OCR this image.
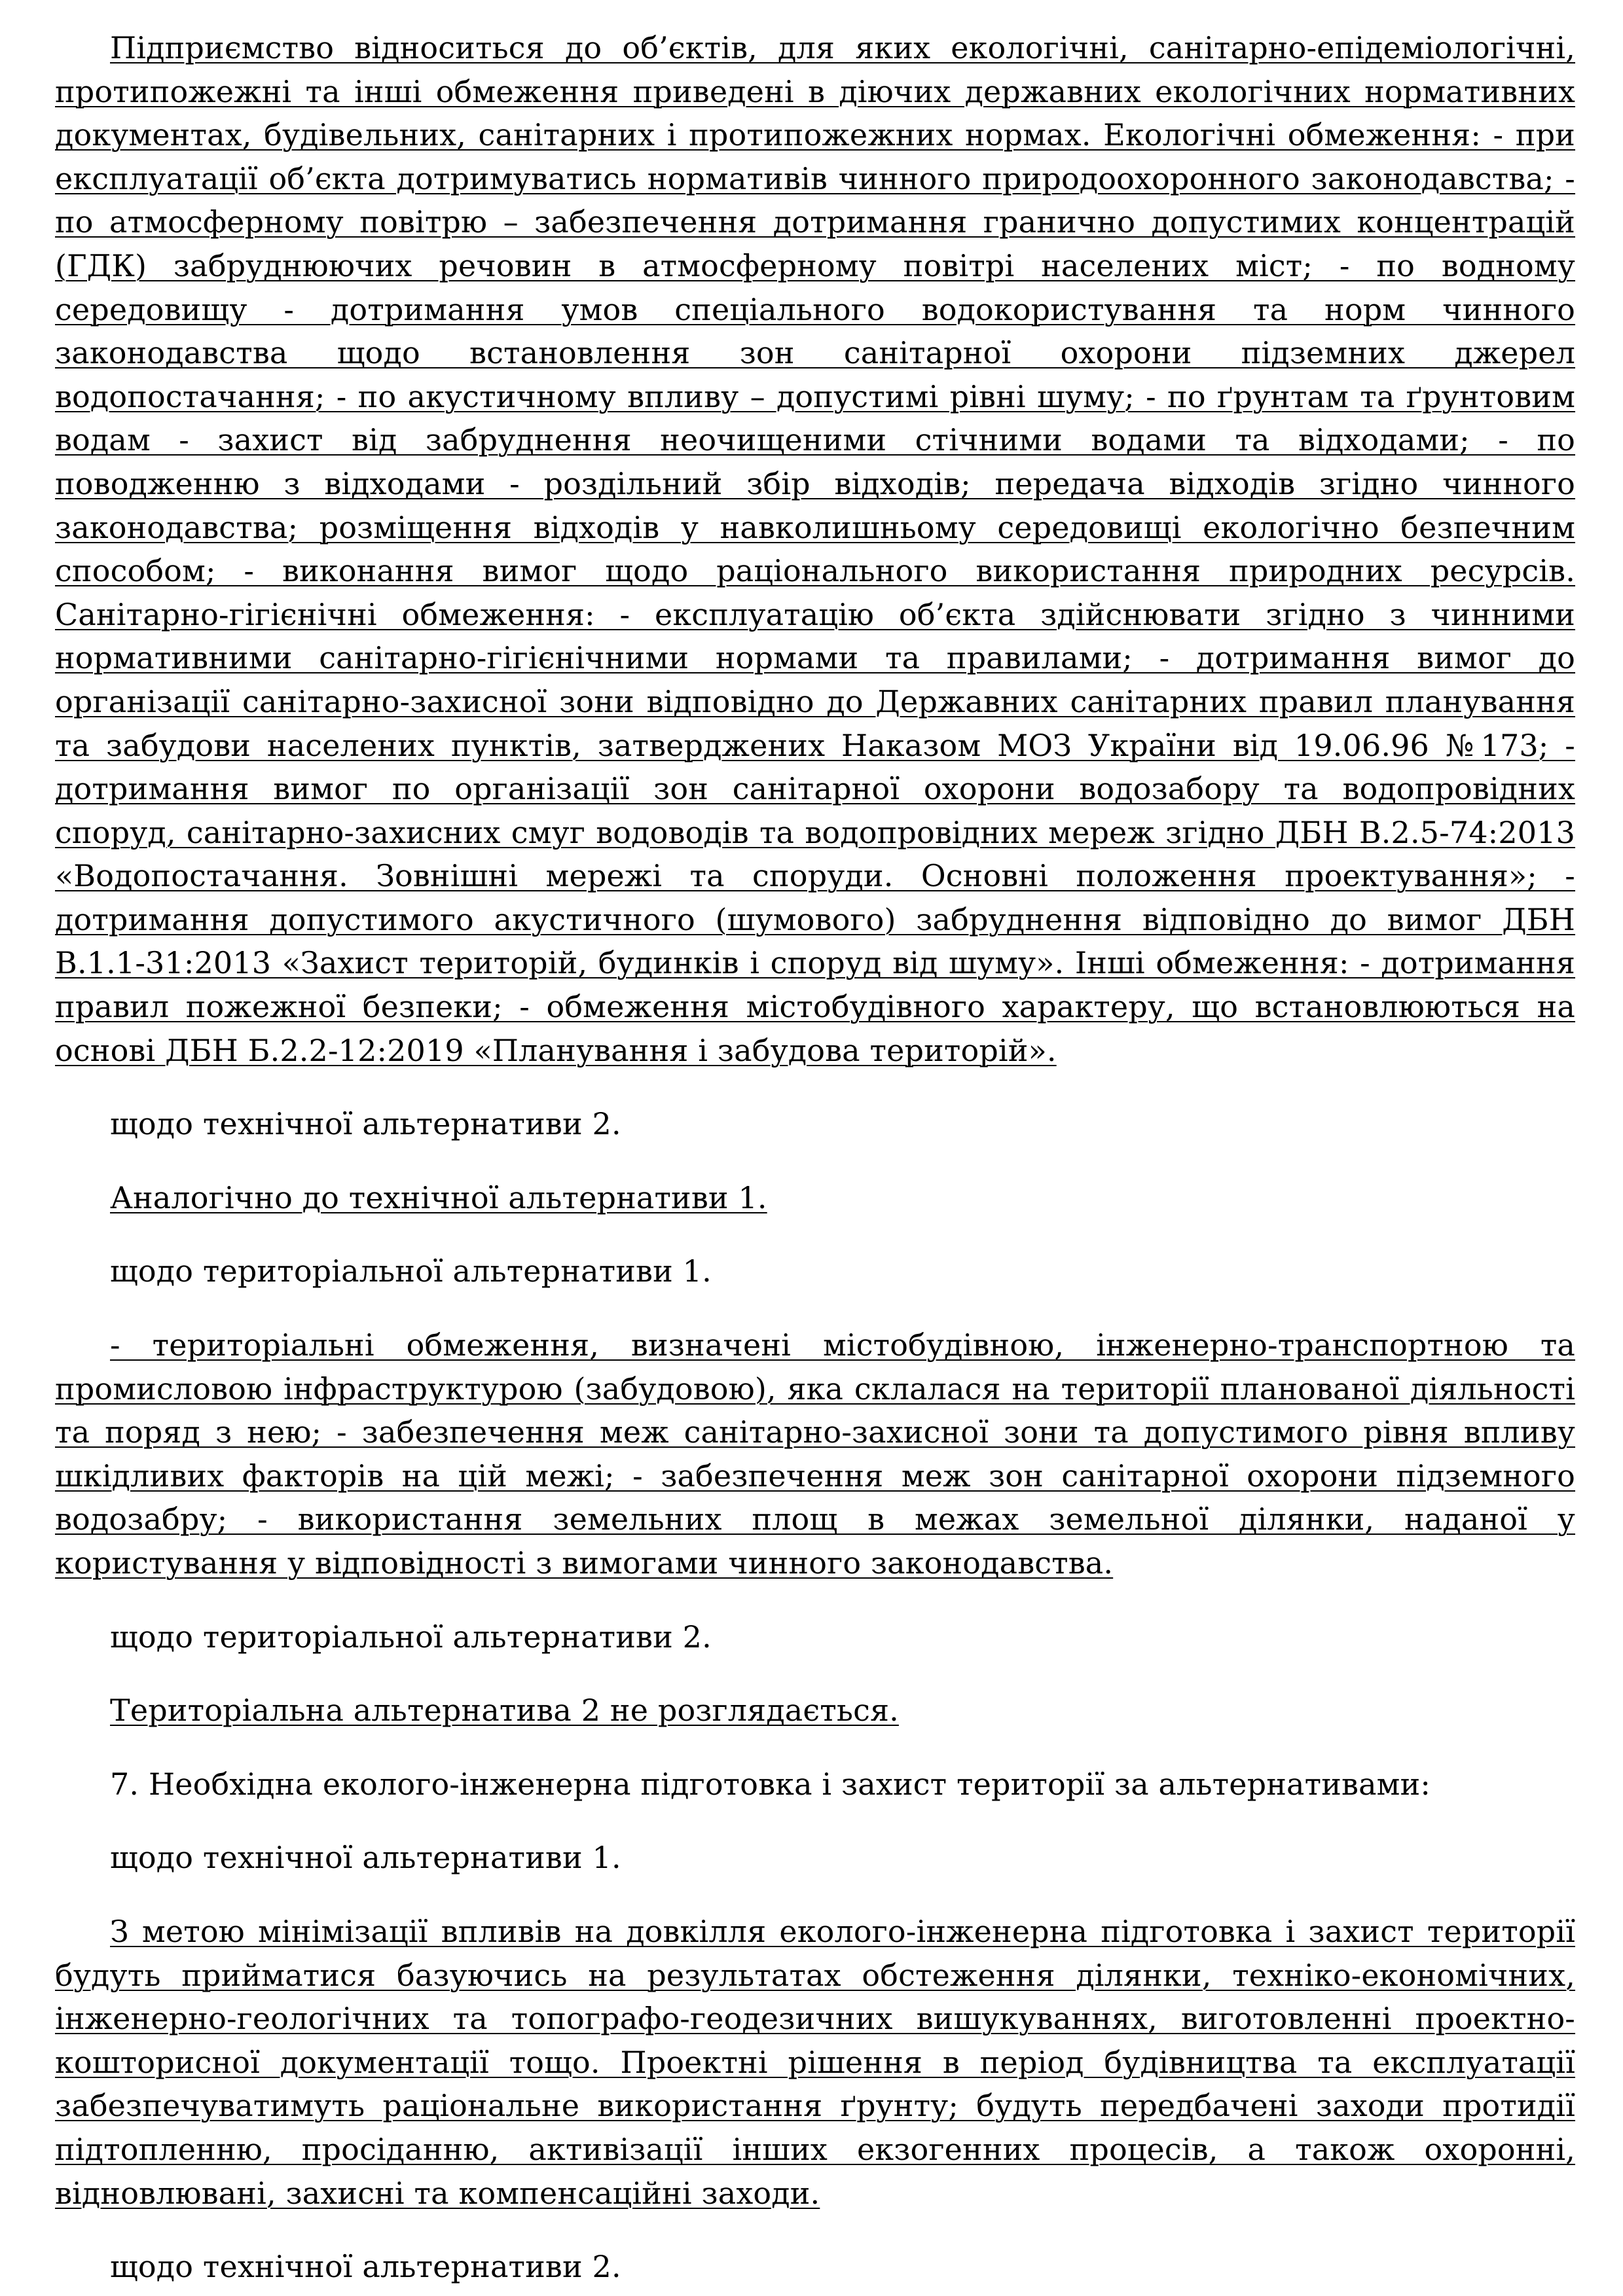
Підприємство відноситься до об’єктів, для яких екологічні, санітарно-епідеміологічні, протипожежні та інші обмеження приведені в діючих державних екологічних нормативних документах, будівельних, санітарних і протипожежних нормах. Екологічні обмеження: - при експлуатації об’єкта дотримуватись нормативів чинного природоохоронного законодавства; - по атмосферному повітрю – забезпечення дотримання гранично допустимих концентрацій (ГДК) забруднюючих речовин в атмосферному повітрі населених міст; - по водному середовищу - дотримання умов спеціального водокористування та норм чинного законодавства щодо встановлення зон санітарної охорони підземних джерел водопостачання; - по акустичному впливу – допустимі рівні шуму; - по ґрунтам та ґрунтовим водам - захист від забруднення неочищеними стічними водами та відходами; - по поводженню з відходами - роздільний збір відходів; передача відходів згідно чинного законодавства; розміщення відходів у навколишньому середовищі екологічно безпечним способом; - виконання вимог щодо раціонального використання природних ресурсів. Санітарно-гігієнічні обмеження: - експлуатацію об’єкта здійснювати згідно з чинними нормативними санітарно-гігієнічними нормами та правилами; - дотримання вимог до організації санітарно-захисної зони відповідно до Державних санітарних правил планування та забудови населених пунктів, затверджених Наказом МОЗ України від 19.06.96 №173; - дотримання вимог по організації зон санітарної охорони водозабору та водопровідних споруд, санітарно-захисних смуг водоводів та водопровідних мереж згідно ДБН В.2.5-74:2013 «Водопостачання. Зовнішні мережі та споруди. Основні положення проектування»; - дотримання допустимого акустичного (шумового) забруднення відповідно до вимог ДБН В.1.1-31:2013 «Захист територій, будинків і споруд від шуму». Інші обмеження: - дотримання правил пожежної безпеки; - обмеження містобудівного характеру, що встановлюються на основі ДБН Б.2.2-12:2019 «Планування і забудова територій».

щодо технічної альтернативи 2.

Аналогічно до технічної альтернативи 1.

щодо територіальної альтернативи 1.

- територіальні обмеження, визначені містобудівною, інженерно-транспортною та промисловою інфраструктурою (забудовою), яка склалася на території планованої діяльності та поряд з нею; - забезпечення меж санітарно-захисної зони та допустимого рівня впливу шкідливих факторів на цій межі; - забезпечення меж зон санітарної охорони підземного водозабру; - використання земельних площ в межах земельної ділянки, наданої у користування у відповідності з вимогами чинного законодавства.

щодо територіальної альтернативи 2.

Територіальна альтернатива 2 не розглядається.

7. Необхідна еколого-інженерна підготовка і захист території за альтернативами:

щодо технічної альтернативи 1.

З метою мінімізації впливів на довкілля еколого-інженерна підготовка і захист території будуть прийматися базуючись на результатах обстеження ділянки, техніко-економічних, інженерно-геологічних та топографо-геодезичних вишукуваннях, виготовленні проектно-кошторисної документації тощо. Проектні рішення в період будівництва та експлуатації забезпечуватимуть раціональне використання ґрунту; будуть передбачені заходи протидії підтопленню, просіданню, активізації інших екзогенних процесів, а також охоронні, відновлювані, захисні та компенсаційні заходи.

щодо технічної альтернативи 2.
